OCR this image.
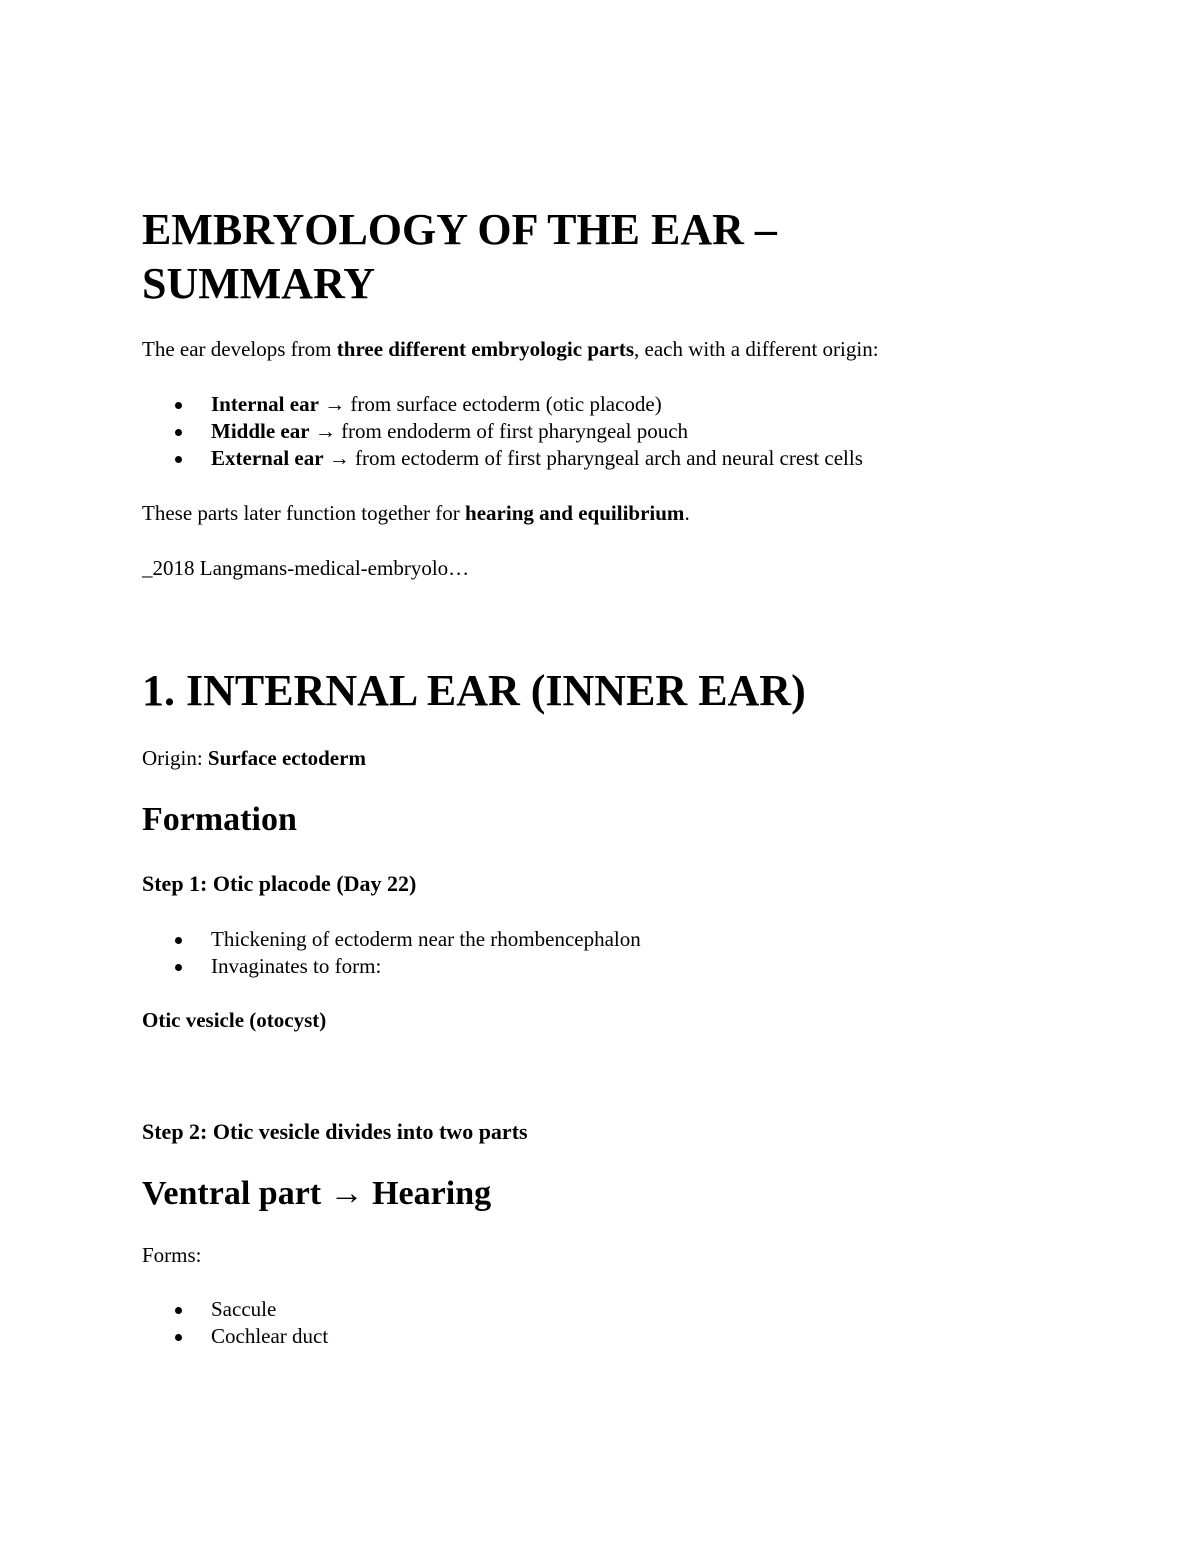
EMBRYOLOGY OF THE EAR – SUMMARY

The ear develops from three different embryologic parts, each with a different origin:

Internal ear → from surface ectoderm (otic placode)
Middle ear → from endoderm of first pharyngeal pouch
External ear → from ectoderm of first pharyngeal arch and neural crest cells

These parts later function together for hearing and equilibrium.

_2018 Langmans-medical-embryolo…

1. INTERNAL EAR (INNER EAR)

Origin: Surface ectoderm

Formation
Step 1: Otic placode (Day 22)
Thickening of ectoderm near the rhombencephalon
Invaginates to form:

Otic vesicle (otocyst)

Step 2: Otic vesicle divides into two parts
Ventral part → Hearing

Forms:

Saccule
Cochlear duct
